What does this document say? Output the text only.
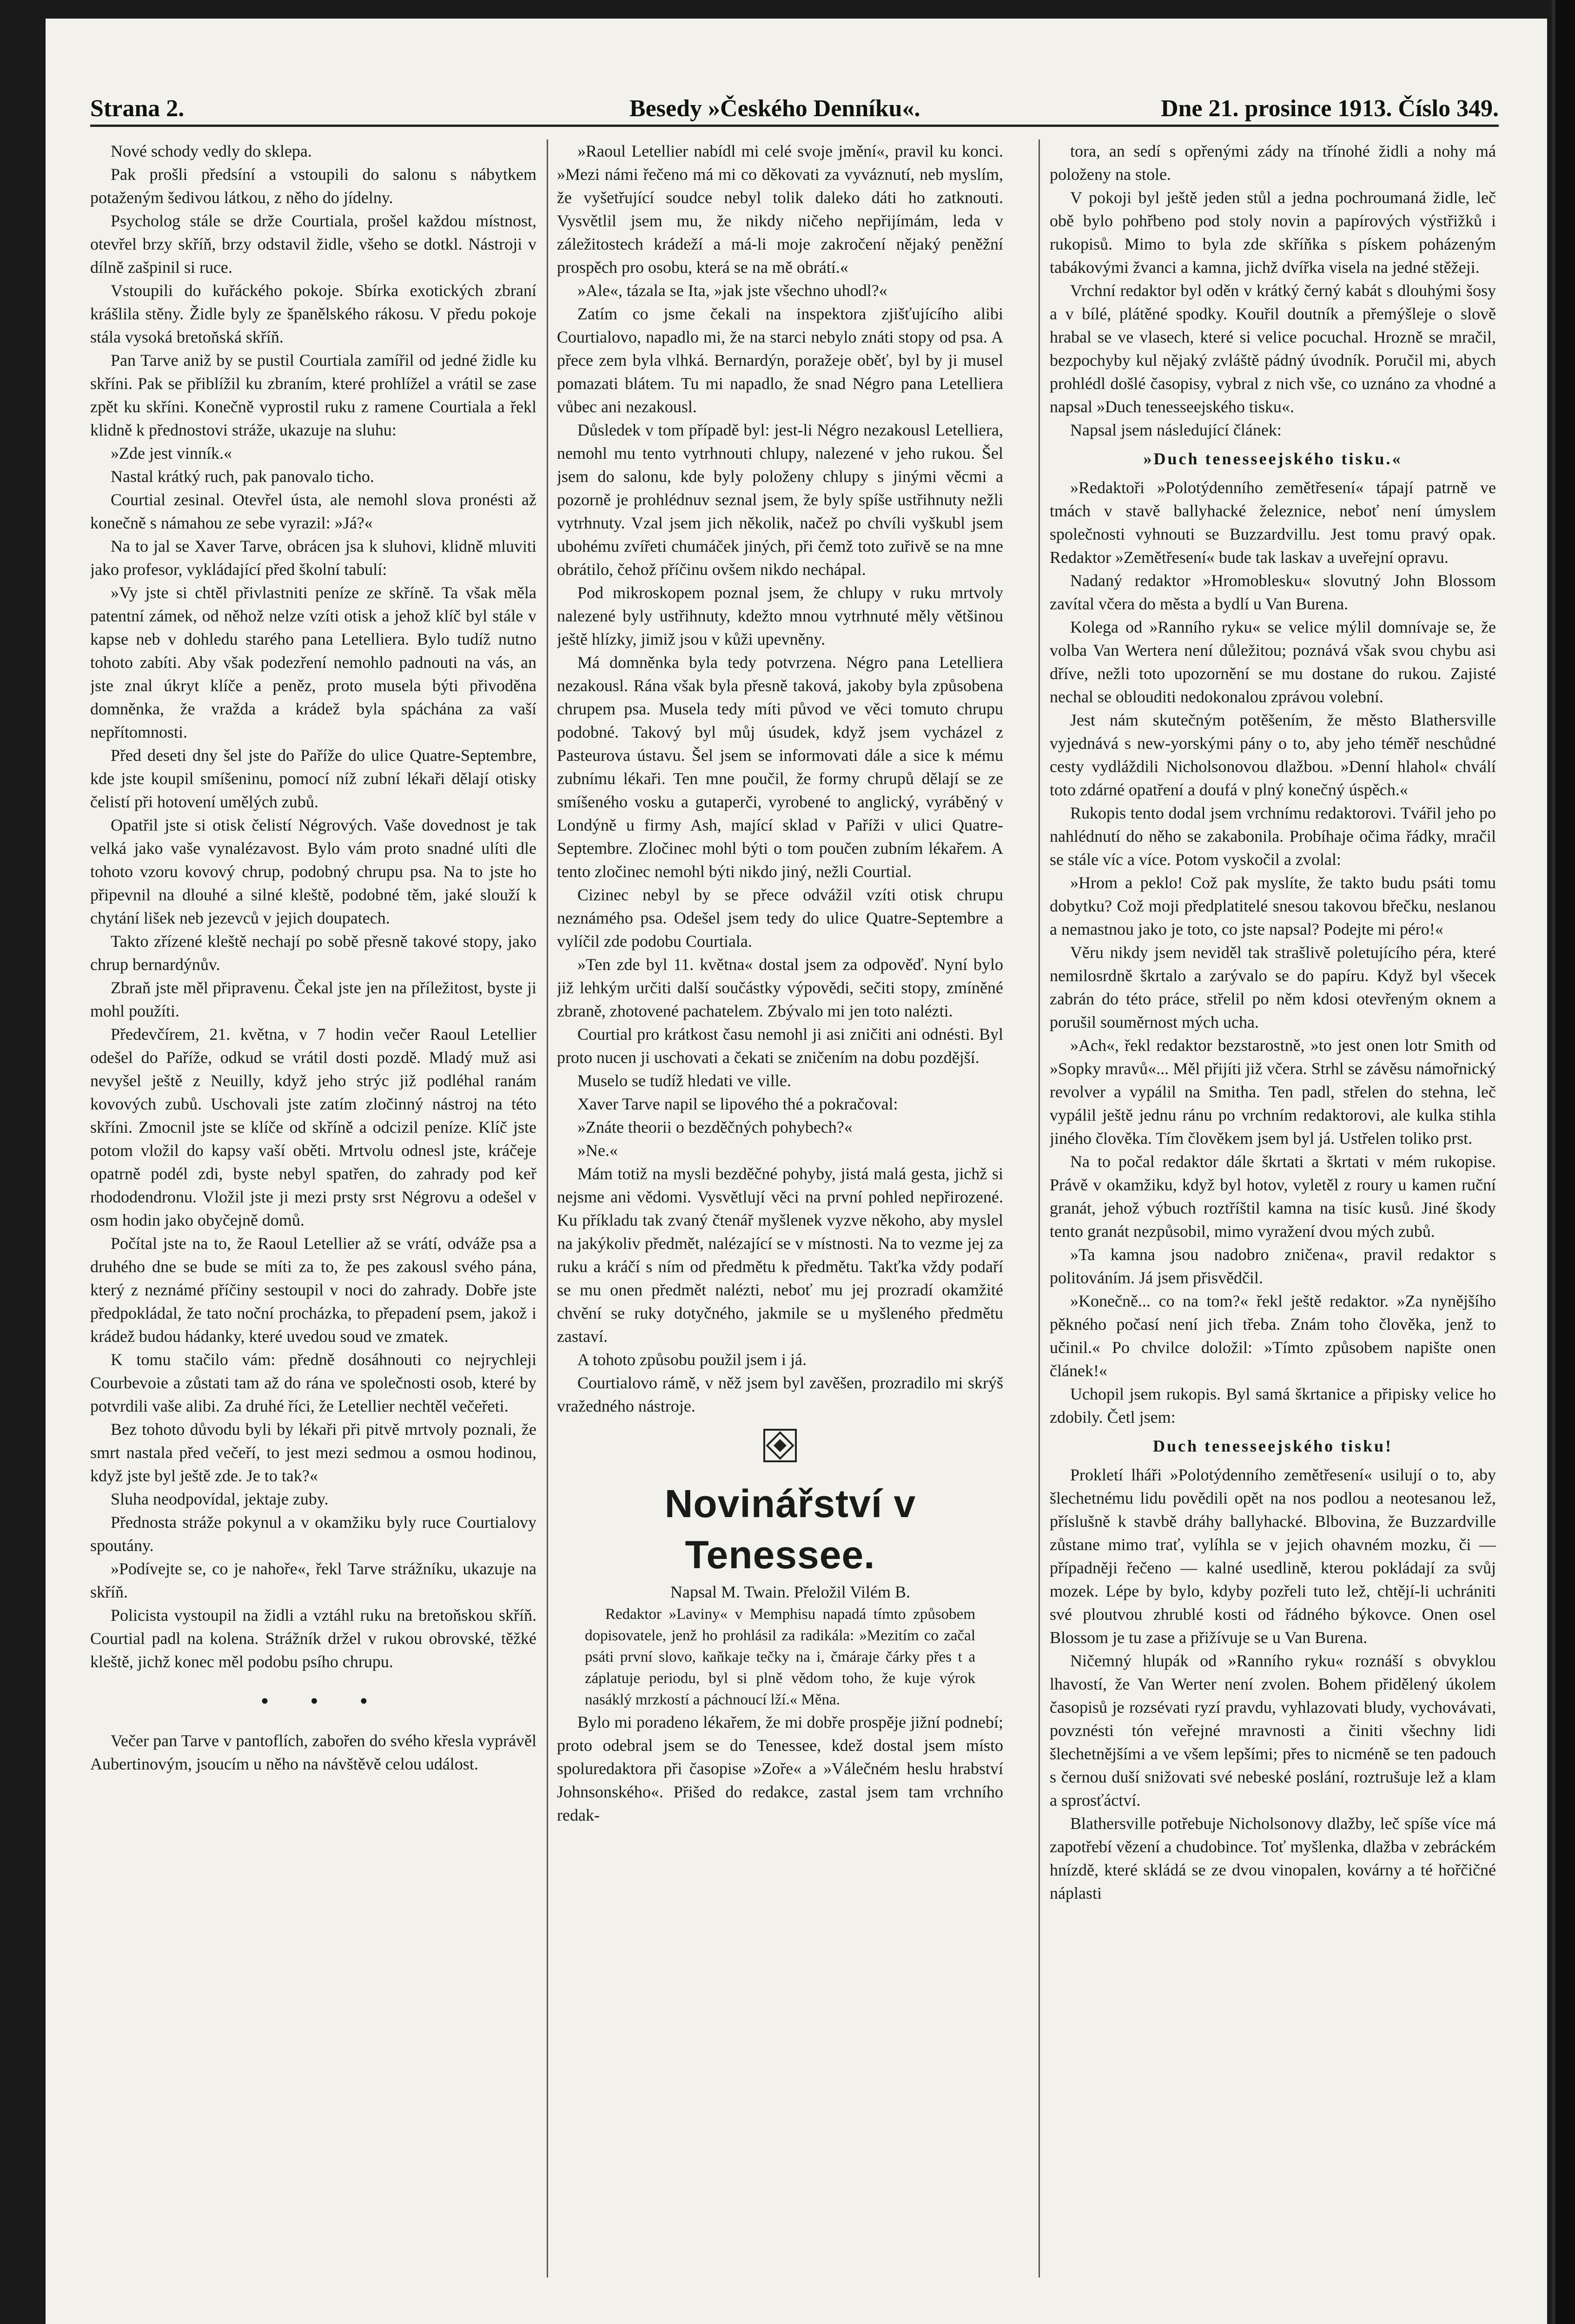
Strana 2.	Besedy »Českého Denníku«.	Dne 21. prosince 1913. Číslo 349.

Nové schody vedly do sklepa.

Pak prošli předsíní a vstoupili do salonu s nábytkem potaženým šedivou látkou, z něho do jídelny.

Psycholog stále se drže Courtiala, prošel každou místnost, otevřel brzy skříň, brzy odstavil židle, všeho se dotkl. Nástroji v dílně zašpinil si ruce.

Vstoupili do kuřáckého pokoje. Sbírka exotických zbraní krášlila stěny. Židle byly ze španělského rákosu. V předu pokoje stála vysoká bretoňská skříň.

Pan Tarve aniž by se pustil Courtiala zamířil od jedné židle ku skříni. Pak se přiblížil ku zbraním, které prohlížel a vrátil se zase zpět ku skříni. Konečně vyprostil ruku z ramene Courtiala a řekl klidně k přednostovi stráže, ukazuje na sluhu:

»Zde jest vinník.«

Nastal krátký ruch, pak panovalo ticho.

Courtial zesinal. Otevřel ústa, ale nemohl slova pronésti až konečně s námahou ze sebe vyrazil: »Já?«

Na to jal se Xaver Tarve, obrácen jsa k sluhovi, klidně mluviti jako profesor, vykládající před školní tabulí:

»Vy jste si chtěl přivlastniti peníze ze skříně. Ta však měla patentní zámek, od něhož nelze vzíti otisk a jehož klíč byl stále v kapse neb v dohledu starého pana Letelliera. Bylo tudíž nutno tohoto zabíti. Aby však podezření nemohlo padnouti na vás, an jste znal úkryt klíče a peněz, proto musela býti přivoděna domněnka, že vražda a krádež byla spáchána za vaší nepřítomnosti.

Před deseti dny šel jste do Paříže do ulice Quatre-Septembre, kde jste koupil smíšeninu, pomocí níž zubní lékaři dělají otisky čelistí při hotovení umělých zubů.

Opatřil jste si otisk čelistí Négrových. Vaše dovednost je tak velká jako vaše vynalézavost. Bylo vám proto snadné ulíti dle tohoto vzoru kovový chrup, podobný chrupu psa. Na to jste ho připevnil na dlouhé a silné kleště, podobné těm, jaké slouží k chytání lišek neb jezevců v jejich doupatech.

Takto zřízené kleště nechají po sobě přesně takové stopy, jako chrup bernardýnův.

Zbraň jste měl připravenu. Čekal jste jen na příležitost, byste ji mohl použíti.

Předevčírem, 21. května, v 7 hodin večer Raoul Letellier odešel do Paříže, odkud se vrátil dosti pozdě. Mladý muž asi nevyšel ještě z Neuilly, když jeho strýc již podléhal ranám kovových zubů. Uschovali jste zatím zločinný nástroj na této skříni. Zmocnil jste se klíče od skříně a odcizil peníze. Klíč jste potom vložil do kapsy vaší oběti. Mrtvolu odnesl jste, kráčeje opatrně podél zdi, byste nebyl spatřen, do zahrady pod keř rhododendronu. Vložil jste ji mezi prsty srst Négrovu a odešel v osm hodin jako obyčejně domů.

Počítal jste na to, že Raoul Letellier až se vrátí, odváže psa a druhého dne se bude se míti za to, že pes zakousl svého pána, který z neznámé příčiny sestoupil v noci do zahrady. Dobře jste předpokládal, že tato noční procházka, to přepadení psem, jakož i krádež budou hádanky, které uvedou soud ve zmatek.

K tomu stačilo vám: předně dosáhnouti co nejrychleji Courbevoie a zůstati tam až do rána ve společnosti osob, které by potvrdili vaše alibi. Za druhé říci, že Letellier nechtěl večeřeti.

Bez tohoto důvodu byli by lékaři při pitvě mrtvoly poznali, že smrt nastala před večeří, to jest mezi sedmou a osmou hodinou, když jste byl ještě zde. Je to tak?«

Sluha neodpovídal, jektaje zuby.

Přednosta stráže pokynul a v okamžiku byly ruce Courtialovy spoutány.

»Podívejte se, co je nahoře«, řekl Tarve strážníku, ukazuje na skříň.

Policista vystoupil na židli a vztáhl ruku na bretoňskou skříň. Courtial padl na kolena. Strážník držel v rukou obrovské, těžké kleště, jichž konec měl podobu psího chrupu.

• • •

Večer pan Tarve v pantoflích, zabořen do svého křesla vyprávěl Aubertinovým, jsoucím u něho na návštěvě celou událost.

»Raoul Letellier nabídl mi celé svoje jmění«, pravil ku konci. »Mezi námi řečeno má mi co děkovati za vyváznutí, neb myslím, že vyšetřující soudce nebyl tolik daleko dáti ho zatknouti. Vysvětlil jsem mu, že nikdy ničeho nepřijímám, leda v záležitostech krádeží a má-li moje zakročení nějaký peněžní prospěch pro osobu, která se na mě obrátí.«

»Ale«, tázala se Ita, »jak jste všechno uhodl?«

Zatím co jsme čekali na inspektora zjišťujícího alibi Courtialovo, napadlo mi, že na starci nebylo znáti stopy od psa. A přece zem byla vlhká. Bernardýn, poražeje oběť, byl by ji musel pomazati blátem. Tu mi napadlo, že snad Négro pana Letelliera vůbec ani nezakousl.

Důsledek v tom případě byl: jest-li Négro nezakousl Letelliera, nemohl mu tento vytrhnouti chlupy, nalezené v jeho rukou. Šel jsem do salonu, kde byly položeny chlupy s jinými věcmi a pozorně je prohlédnuv seznal jsem, že byly spíše ustřihnuty nežli vytrhnuty. Vzal jsem jich několik, načež po chvíli vyškubl jsem ubohému zvířeti chumáček jiných, při čemž toto zuřivě se na mne obrátilo, čehož příčinu ovšem nikdo nechápal.

Pod mikroskopem poznal jsem, že chlupy v ruku mrtvoly nalezené byly ustřihnuty, kdežto mnou vytrhnuté měly většinou ještě hlízky, jimiž jsou v kůži upevněny.

Má domněnka byla tedy potvrzena. Négro pana Letelliera nezakousl. Rána však byla přesně taková, jakoby byla způsobena chrupem psa. Musela tedy míti původ ve věci tomuto chrupu podobné. Takový byl můj úsudek, když jsem vycházel z Pasteurova ústavu. Šel jsem se informovati dále a sice k mému zubnímu lékaři. Ten mne poučil, že formy chrupů dělají se ze smíšeného vosku a gutaperči, vyrobené to anglický, vyráběný v Londýně u firmy Ash, mající sklad v Paříži v ulici Quatre-Septembre. Zločinec mohl býti o tom poučen zubním lékařem. A tento zločinec nemohl býti nikdo jiný, nežli Courtial.

Cizinec nebyl by se přece odvážil vzíti otisk chrupu neznámého psa. Odešel jsem tedy do ulice Quatre-Septembre a vylíčil zde podobu Courtiala.

»Ten zde byl 11. května« dostal jsem za odpověď. Nyní bylo již lehkým určiti další součástky výpovědi, sečiti stopy, zmíněné zbraně, zhotovené pachatelem. Zbývalo mi jen toto nalézti.

Courtial pro krátkost času nemohl ji asi zničiti ani odnésti. Byl proto nucen ji uschovati a čekati se zničením na dobu pozdější.

Muselo se tudíž hledati ve ville.

Xaver Tarve napil se lipového thé a pokračoval:

»Znáte theorii o bezděčných pohybech?«

»Ne.«

Mám totiž na mysli bezděčné pohyby, jistá malá gesta, jichž si nejsme ani vědomi. Vysvětlují věci na první pohled nepřirozené. Ku příkladu tak zvaný čtenář myšlenek vyzve někoho, aby myslel na jakýkoliv předmět, nalézající se v místnosti. Na to vezme jej za ruku a kráčí s ním od předmětu k předmětu. Takťka vždy podaří se mu onen předmět nalézti, neboť mu jej prozradí okamžité chvění se ruky dotyčného, jakmile se u myšleného předmětu zastaví.

A tohoto způsobu použil jsem i já.

Courtialovo rámě, v něž jsem byl zavěšen, prozradilo mi skrýš vražedného nástroje.

Novinářství v Tenessee.

Napsal M. Twain. Přeložil Vilém B.

Redaktor »Laviny« v Memphisu napadá tímto způsobem dopisovatele, jenž ho prohlásil za radikála: »Mezitím co začal psáti první slovo, kaňkaje tečky na i, čmáraje čárky přes t a záplatuje periodu, byl si plně vědom toho, že kuje výrok nasáklý mrzkostí a páchnoucí lží.« Měna.

Bylo mi poradeno lékařem, že mi dobře prospěje jižní podnebí; proto odebral jsem se do Tenessee, kdež dostal jsem místo spoluredaktora při časopise »Zoře« a »Válečném heslu hrabství Johnsonského«. Přišed do redakce, zastal jsem tam vrchního redak-

tora, an sedí s opřenými zády na třínohé židli a nohy má položeny na stole.

V pokoji byl ještě jeden stůl a jedna pochroumaná židle, leč obě bylo pohřbeno pod stoly novin a papírových výstřižků i rukopisů. Mimo to byla zde skříňka s pískem poházeným tabákovými žvanci a kamna, jichž dvířka visela na jedné stěžeji.

Vrchní redaktor byl oděn v krátký černý kabát s dlouhými šosy a v bílé, plátěné spodky. Kouřil doutník a přemýšleje o slově hrabal se ve vlasech, které si velice pocuchal. Hrozně se mračil, bezpochyby kul nějaký zvláště pádný úvodník. Poručil mi, abych prohlédl došlé časopisy, vybral z nich vše, co uznáno za vhodné a napsal »Duch tenesseejského tisku«.

Napsal jsem následující článek:

»Duch tenesseejského tisku.«

»Redaktoři »Polotýdenního zemětřesení« tápají patrně ve tmách v stavě ballyhacké železnice, neboť není úmyslem společnosti vyhnouti se Buzzardvillu. Jest tomu pravý opak. Redaktor »Zemětřesení« bude tak laskav a uveřejní opravu.

Nadaný redaktor »Hromoblesku« slovutný John Blossom zavítal včera do města a bydlí u Van Burena.

Kolega od »Ranního ryku« se velice mýlil domnívaje se, že volba Van Wertera není důležitou; poznává však svou chybu asi dříve, nežli toto upozornění se mu dostane do rukou. Zajisté nechal se oblouditi nedokonalou zprávou volební.

Jest nám skutečným potěšením, že město Blathersville vyjednává s new-yorskými pány o to, aby jeho téměř neschůdné cesty vydláždili Nicholsonovou dlažbou. »Denní hlahol« chválí toto zdárné opatření a doufá v plný konečný úspěch.«

Rukopis tento dodal jsem vrchnímu redaktorovi. Tvářil jeho po nahlédnutí do něho se zakabonila. Probíhaje očima řádky, mračil se stále víc a více. Potom vyskočil a zvolal:

»Hrom a peklo! Což pak myslíte, že takto budu psáti tomu dobytku? Což moji předplatitelé snesou takovou břečku, neslanou a nemastnou jako je toto, co jste napsal? Podejte mi péro!«

Věru nikdy jsem neviděl tak strašlivě poletujícího péra, které nemilosrdně škrtalo a zarývalo se do papíru. Když byl všecek zabrán do této práce, střelil po něm kdosi otevřeným oknem a porušil souměrnost mých ucha.

»Ach«, řekl redaktor bezstarostně, »to jest onen lotr Smith od »Sopky mravů«... Měl přijíti již včera. Strhl se závěsu námořnický revolver a vypálil na Smitha. Ten padl, střelen do stehna, leč vypálil ještě jednu ránu po vrchním redaktorovi, ale kulka stihla jiného člověka. Tím člověkem jsem byl já. Ustřelen toliko prst.

Na to počal redaktor dále škrtati a škrtati v mém rukopise. Právě v okamžiku, když byl hotov, vyletěl z roury u kamen ruční granát, jehož výbuch roztříštil kamna na tisíc kusů. Jiné škody tento granát nezpůsobil, mimo vyražení dvou mých zubů.

»Ta kamna jsou nadobro zničena«, pravil redaktor s politováním. Já jsem přisvědčil.

»Konečně... co na tom?« řekl ještě redaktor. »Za nynějšího pěkného počasí není jich třeba. Znám toho člověka, jenž to učinil.« Po chvilce doložil: »Tímto způsobem napište onen článek!«

Uchopil jsem rukopis. Byl samá škrtanice a připisky velice ho zdobily. Četl jsem:

Duch tenesseejského tisku!

Prokletí lháři »Polotýdenního zemětřesení« usilují o to, aby šlechetnému lidu povědili opět na nos podlou a neotesanou lež, příslušně k stavbě dráhy ballyhacké. Blbovina, že Buzzardville zůstane mimo trať, vylíhla se v jejich ohavném mozku, či — případněji řečeno — kalné usedlině, kterou pokládají za svůj mozek. Lépe by bylo, kdyby pozřeli tuto lež, chtějí-li uchrániti své ploutvou zhrublé kosti od řádného býkovce. Onen osel Blossom je tu zase a přižívuje se u Van Burena.

Ničemný hlupák od »Ranního ryku« roznáší s obvyklou lhavostí, že Van Werter není zvolen. Bohem přidělený úkolem časopisů je rozsévati ryzí pravdu, vyhlazovati bludy, vychovávati, povznésti tón veřejné mravnosti a činiti všechny lidi šlechetnějšími a ve všem lepšími; přes to nicméně se ten padouch s černou duší snižovati své nebeské poslání, roztrušuje lež a klam a sprosťáctví.

Blathersville potřebuje Nicholsonovy dlažby, leč spíše více má zapotřebí vězení a chudobince. Toť myšlenka, dlažba v zebráckém hnízdě, které skládá se ze dvou vinopalen, kovárny a té hořčičné náplasti
